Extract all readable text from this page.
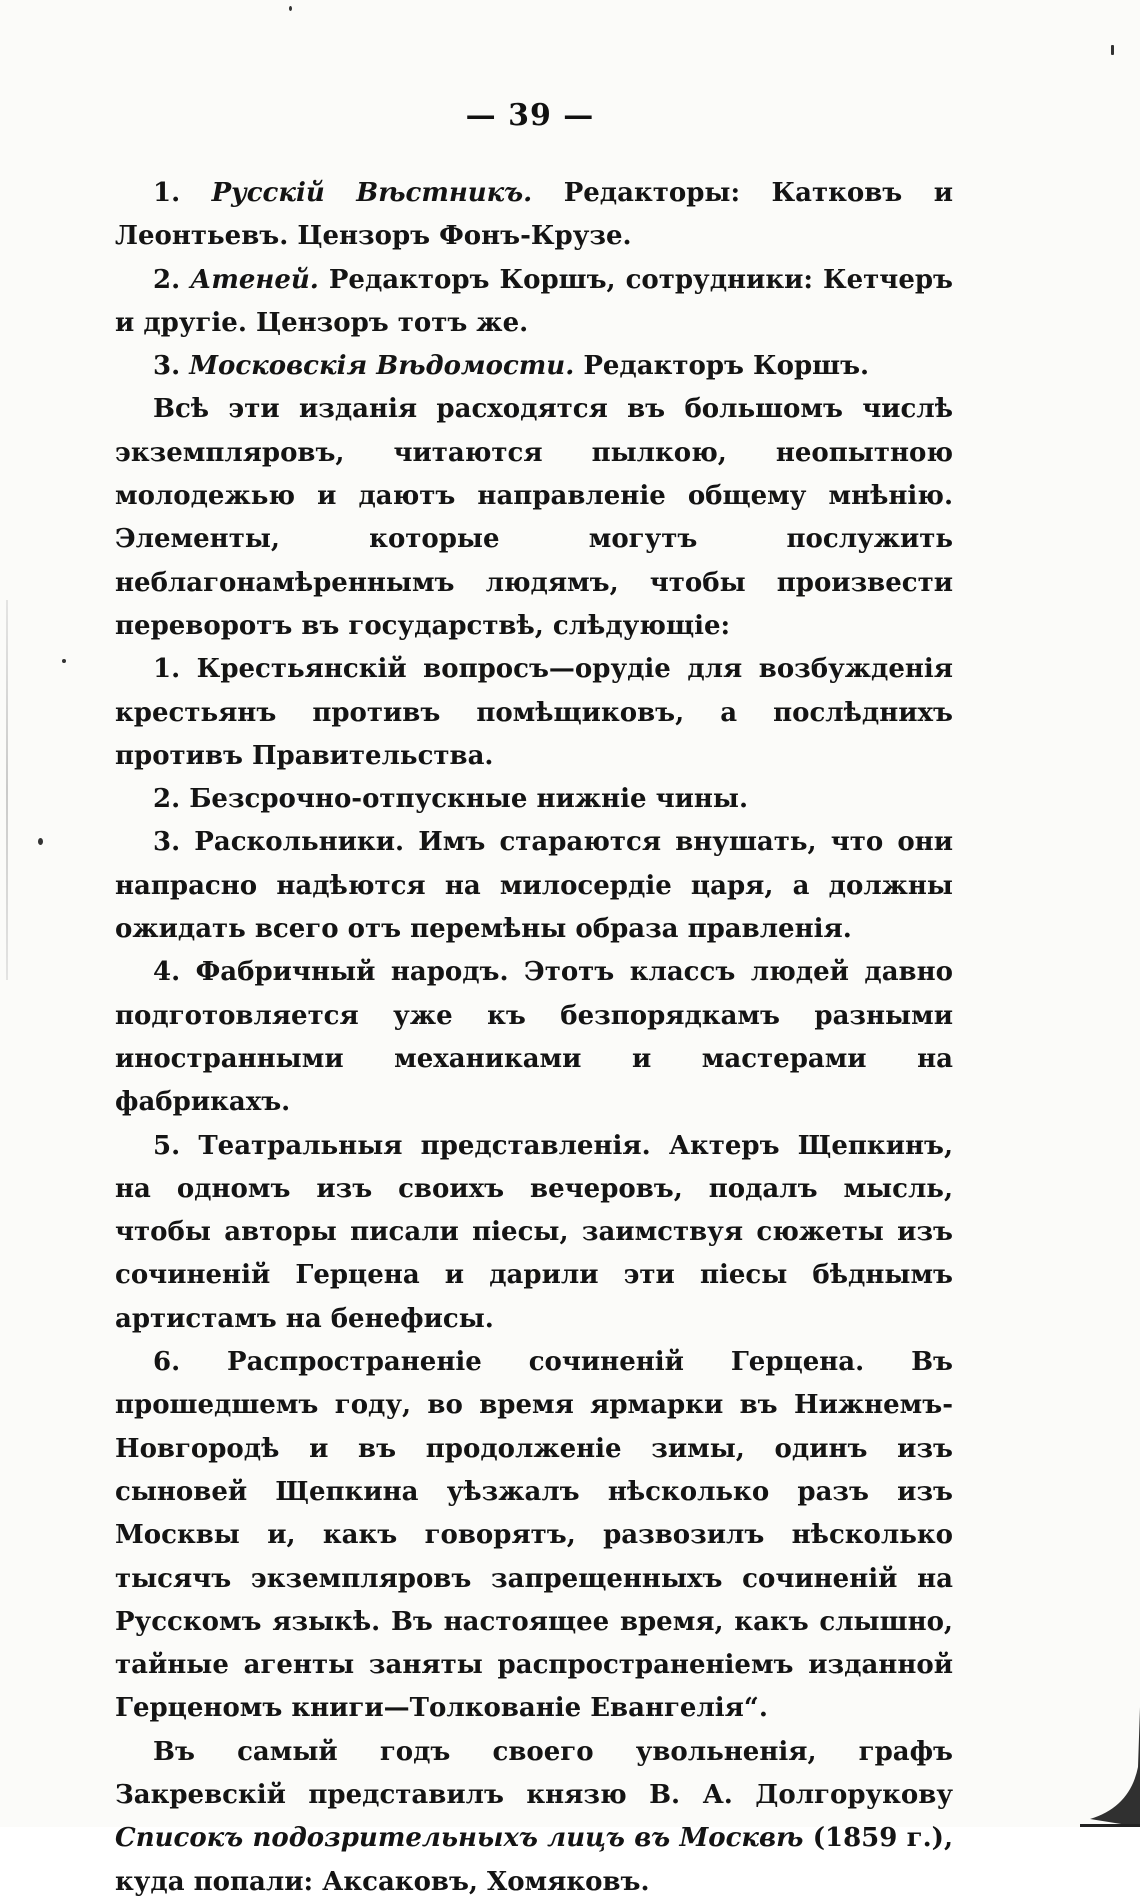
— 39 —

1. Русскій Вѣстникъ. Редакторы: Катковъ и Леонтьевъ. Цензоръ Фонъ-Крузе.

2. Атеней. Редакторъ Коршъ, сотрудники: Кетчеръ и другіе. Цензоръ тотъ же.

3. Московскія Вѣдомости. Редакторъ Коршъ.

Всѣ эти изданія расходятся въ большомъ числѣ экземпляровъ, читаются пылкою, неопытною молодежью и даютъ направленіе общему мнѣнію. Элементы, которые могутъ послужить неблагонамѣреннымъ людямъ, чтобы произвести переворотъ въ государствѣ, слѣдующіе:

1. Крестьянскій вопросъ—орудіе для возбужденія крестьянъ противъ помѣщиковъ, а послѣднихъ противъ Правительства.

2. Безсрочно-отпускные нижніе чины.

3. Раскольники. Имъ стараются внушать, что они напрасно надѣются на милосердіе царя, а должны ожидать всего отъ перемѣны образа правленія.

4. Фабричный народъ. Этотъ классъ людей давно подготовляется уже къ безпорядкамъ разными иностранными механиками и мастерами на фабрикахъ.

5. Театральныя представленія. Актеръ Щепкинъ, на одномъ изъ своихъ вечеровъ, подалъ мысль, чтобы авторы писали піесы, заимствуя сюжеты изъ сочиненій Герцена и дарили эти піесы бѣднымъ артистамъ на бенефисы.

6. Распространеніе сочиненій Герцена. Въ прошедшемъ году, во время ярмарки въ Нижнемъ-Новгородѣ и въ продолженіе зимы, одинъ изъ сыновей Щепкина уѣзжалъ нѣсколько разъ изъ Москвы и, какъ говорятъ, развозилъ нѣсколько тысячъ экземпляровъ запрещенныхъ сочиненій на Русскомъ языкѣ. Въ настоящее время, какъ слышно, тайные агенты заняты распространеніемъ изданной Герценомъ книги—Толкованіе Евангелія“.

Въ самый годъ своего увольненія, графъ Закревскій представилъ князю В. А. Долгорукову Списокъ подозрительныхъ лицъ въ Москвѣ (1859 г.), куда попали: Аксаковъ, Хомяковъ.
